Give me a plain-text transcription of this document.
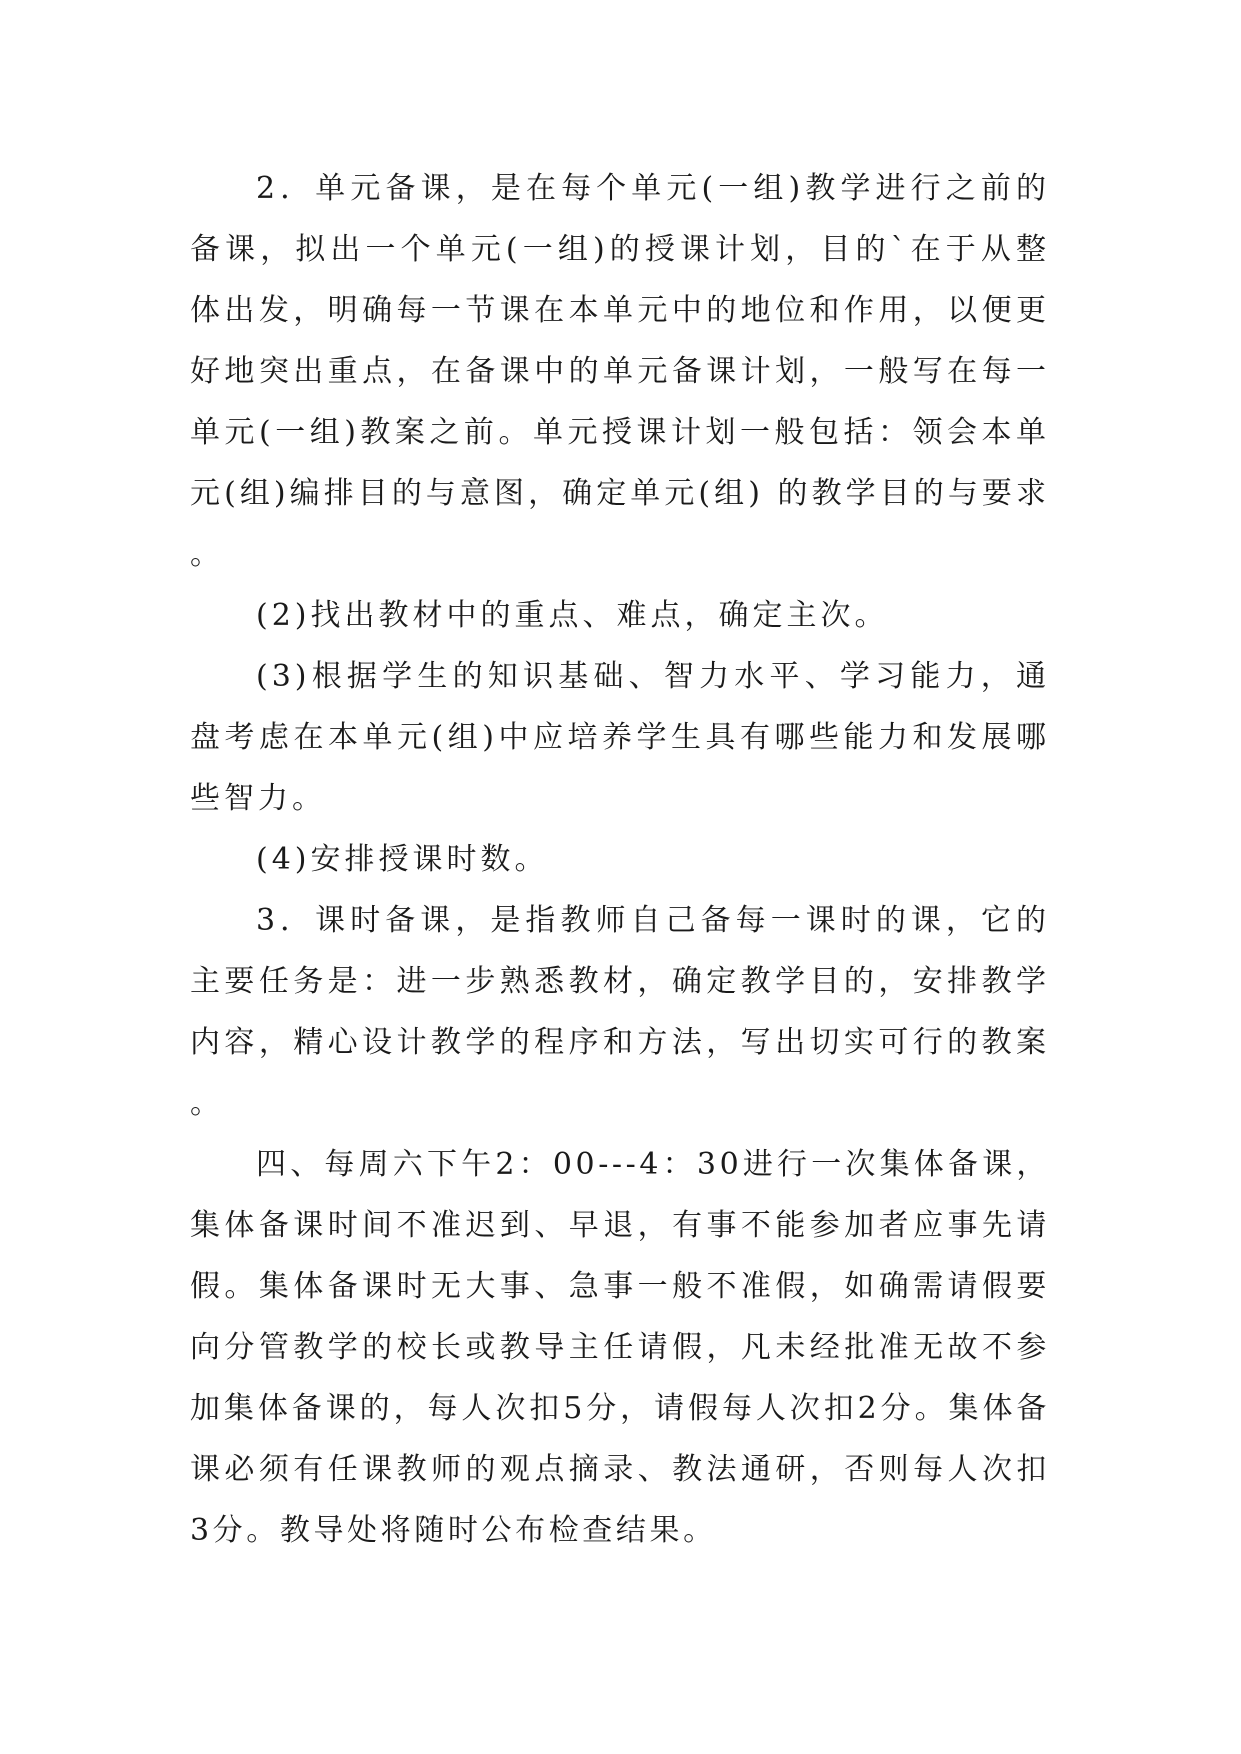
2．单元备课，是在每个单元(一组)教学进行之前的备课，拟出一个单元(一组)的授课计划，目的`在于从整体出发，明确每一节课在本单元中的地位和作用，以便更好地突出重点，在备课中的单元备课计划，一般写在每一单元(一组)教案之前。单元授课计划一般包括：领会本单元(组)编排目的与意图，确定单元(组) 的教学目的与要求。

(2)找出教材中的重点、难点，确定主次。

(3)根据学生的知识基础、智力水平、学习能力，通盘考虑在本单元(组)中应培养学生具有哪些能力和发展哪些智力。

(4)安排授课时数。

3．课时备课，是指教师自己备每一课时的课，它的主要任务是：进一步熟悉教材，确定教学目的，安排教学内容，精心设计教学的程序和方法，写出切实可行的教案。

四、每周六下午2：00---4：30进行一次集体备课，集体备课时间不准迟到、早退，有事不能参加者应事先请假。集体备课时无大事、急事一般不准假，如确需请假要向分管教学的校长或教导主任请假，凡未经批准无故不参加集体备课的，每人次扣5分，请假每人次扣2分。集体备课必须有任课教师的观点摘录、教法通研，否则每人次扣3分。教导处将随时公布检查结果。
